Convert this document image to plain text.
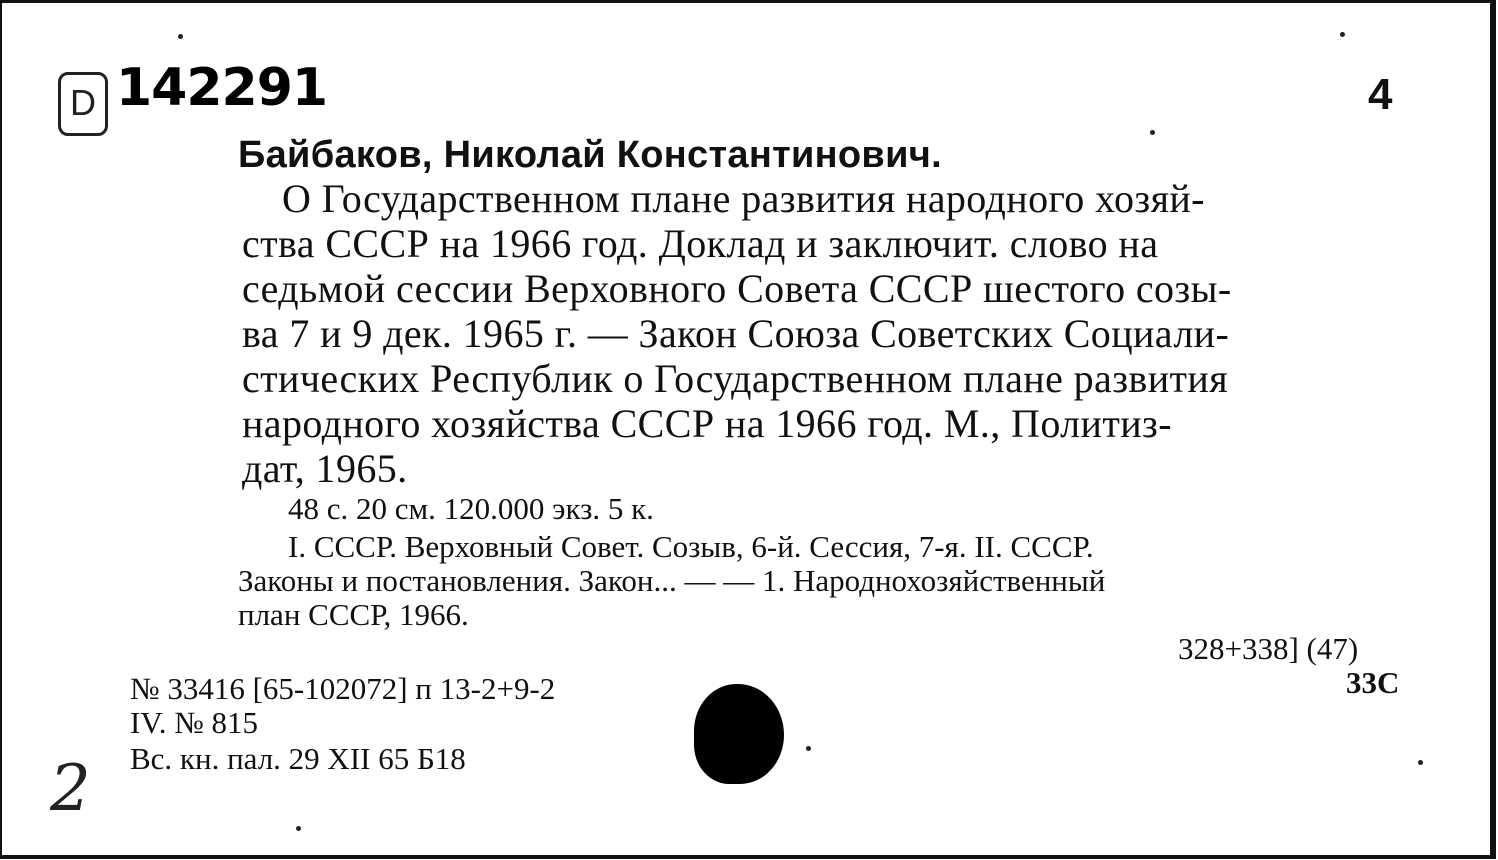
D 142291	4
Байбаков, Николай Константинович.
О Государственном плане развития народного хозяй-
ства СССР на 1966 год. Доклад и заключит. слово на
седьмой сессии Верховного Совета СССР шестого созы-
ва 7 и 9 дек. 1965 г. — Закон Союза Советских Социали-
стических Республик о Государственном плане развития
народного хозяйства СССР на 1966 год. М., Политиз-
дат, 1965.
48 с. 20 см. 120.000 экз. 5 к.
I. СССР. Верховный Совет. Созыв, 6-й. Сессия, 7-я. II. СССР.
Законы и постановления. Закон... — — 1. Народнохозяйственный
план СССР, 1966.
328+338] (47)
33С
№ 33416 [65-102072] п 13-2+9-2
IV. № 815
Вс. кн. пал. 29 XII 65 Б18
2
